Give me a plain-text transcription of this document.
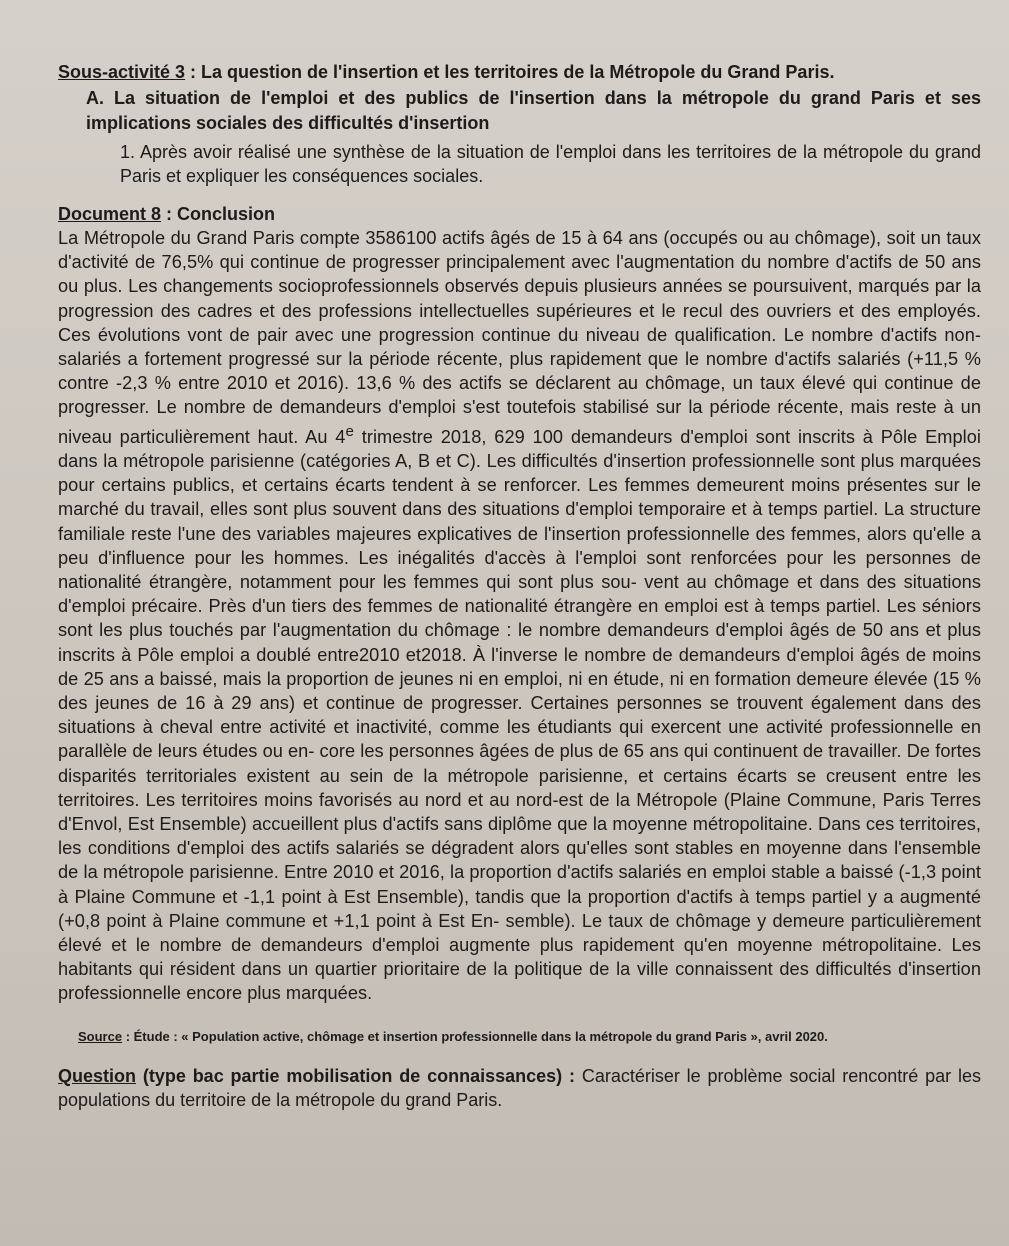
Sous-activité 3 : La question de l'insertion et les territoires de la Métropole du Grand Paris.
A. La situation de l'emploi et des publics de l'insertion dans la métropole du grand Paris et ses implications sociales des difficultés d'insertion
1. Après avoir réalisé une synthèse de la situation de l'emploi dans les territoires de la métropole du grand Paris et expliquer les conséquences sociales.
Document 8 : Conclusion

La Métropole du Grand Paris compte 3586100 actifs âgés de 15 à 64 ans (occupés ou au chômage), soit un taux d'activité de 76,5% qui continue de progresser principalement avec l'augmentation du nombre d'actifs de 50 ans ou plus. Les changements socioprofessionnels observés depuis plusieurs années se poursuivent, marqués par la progression des cadres et des professions intellectuelles supérieures et le recul des ouvriers et des employés. Ces évolutions vont de pair avec une progression continue du niveau de qualification. Le nombre d'actifs non-salariés a fortement progressé sur la période récente, plus rapidement que le nombre d'actifs salariés (+11,5 % contre -2,3 % entre 2010 et 2016). 13,6 % des actifs se déclarent au chômage, un taux élevé qui continue de progresser. Le nombre de demandeurs d'emploi s'est toutefois stabilisé sur la période récente, mais reste à un niveau particulièrement haut. Au 4e trimestre 2018, 629 100 demandeurs d'emploi sont inscrits à Pôle Emploi dans la métropole parisienne (catégories A, B et C). Les difficultés d'insertion professionnelle sont plus marquées pour certains publics, et certains écarts tendent à se renforcer. Les femmes demeurent moins présentes sur le marché du travail, elles sont plus souvent dans des situations d'emploi temporaire et à temps partiel. La structure familiale reste l'une des variables majeures explicatives de l'insertion professionnelle des femmes, alors qu'elle a peu d'influence pour les hommes. Les inégalités d'accès à l'emploi sont renforcées pour les personnes de nationalité étrangère, notamment pour les femmes qui sont plus sou- vent au chômage et dans des situations d'emploi précaire. Près d'un tiers des femmes de nationalité étrangère en emploi est à temps partiel. Les séniors sont les plus touchés par l'augmentation du chômage : le nombre demandeurs d'emploi âgés de 50 ans et plus inscrits à Pôle emploi a doublé entre2010 et2018. À l'inverse le nombre de demandeurs d'emploi âgés de moins de 25 ans a baissé, mais la proportion de jeunes ni en emploi, ni en étude, ni en formation demeure élevée (15 % des jeunes de 16 à 29 ans) et continue de progresser. Certaines personnes se trouvent également dans des situations à cheval entre activité et inactivité, comme les étudiants qui exercent une activité professionnelle en parallèle de leurs études ou en- core les personnes âgées de plus de 65 ans qui continuent de travailler. De fortes disparités territoriales existent au sein de la métropole parisienne, et certains écarts se creusent entre les territoires. Les territoires moins favorisés au nord et au nord-est de la Métropole (Plaine Commune, Paris Terres d'Envol, Est Ensemble) accueillent plus d'actifs sans diplôme que la moyenne métropolitaine. Dans ces territoires, les conditions d'emploi des actifs salariés se dégradent alors qu'elles sont stables en moyenne dans l'ensemble de la métropole parisienne. Entre 2010 et 2016, la proportion d'actifs salariés en emploi stable a baissé (-1,3 point à Plaine Commune et -1,1 point à Est Ensemble), tandis que la proportion d'actifs à temps partiel y a augmenté (+0,8 point à Plaine commune et +1,1 point à Est En- semble). Le taux de chômage y demeure particulièrement élevé et le nombre de demandeurs d'emploi augmente plus rapidement qu'en moyenne métropolitaine. Les habitants qui résident dans un quartier prioritaire de la politique de la ville connaissent des difficultés d'insertion professionnelle encore plus marquées.

Source : Étude : « Population active, chômage et insertion professionnelle dans la métropole du grand Paris », avril 2020.
Question (type bac partie mobilisation de connaissances) : Caractériser le problème social rencontré par les populations du territoire de la métropole du grand Paris.
